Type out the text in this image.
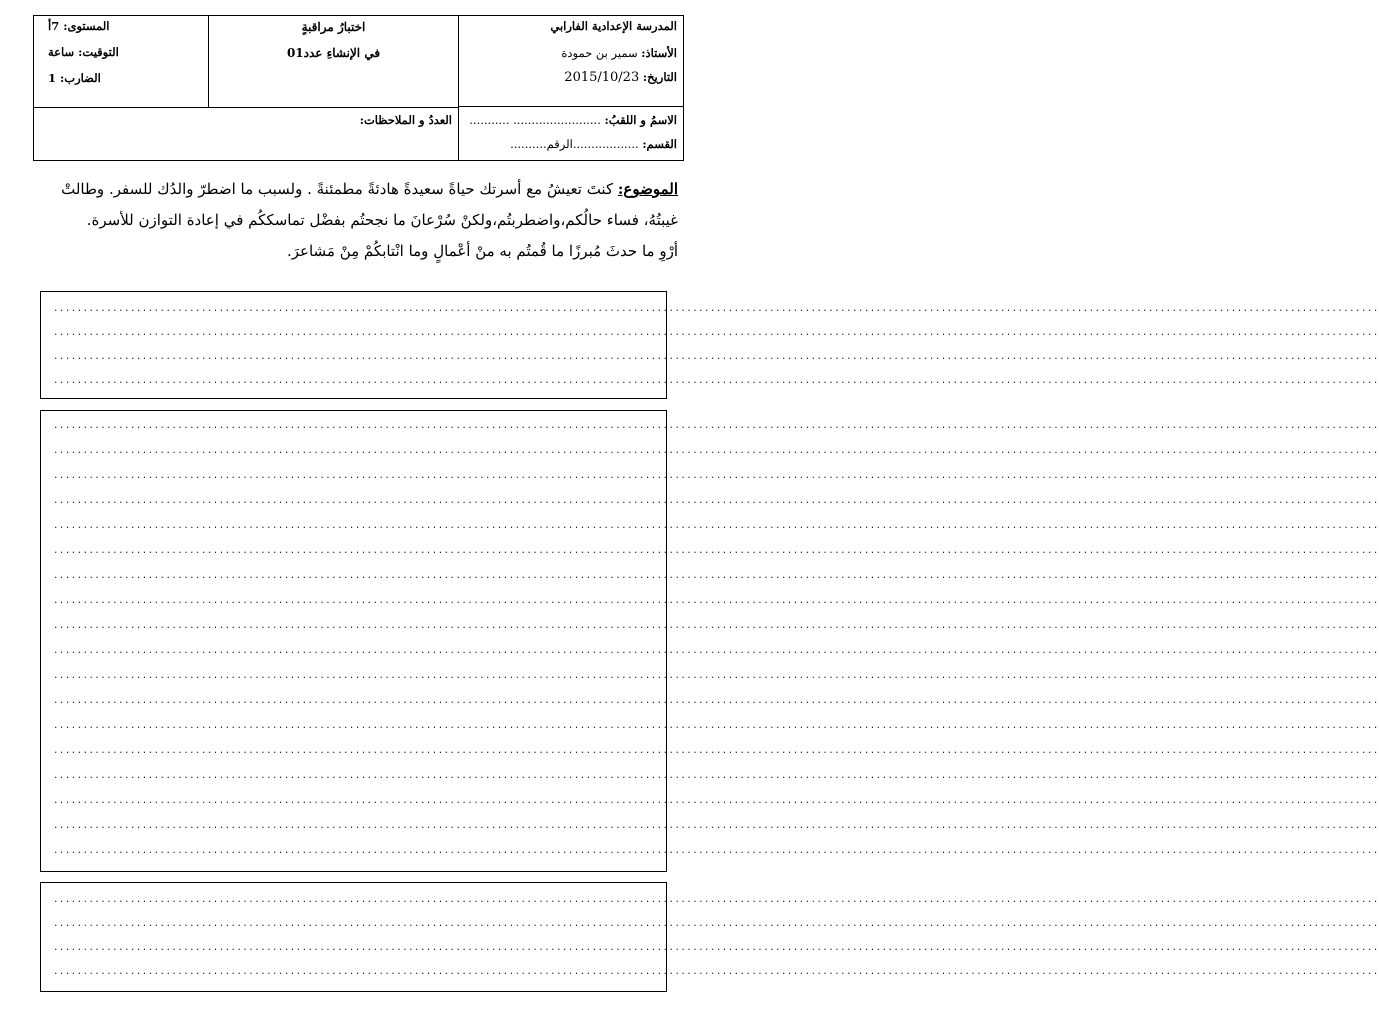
المدرسة الإعدادية الفارابي
الأستاذ: سمير بن حمودة
التاريخ: 2015/10/23
اختبارُ مراقبةٍ
في الإنشاءِ عدد01
المستوى: 7أ
التوقيت: ساعة
الضارب: 1
الاسمُ و اللقبُ: ........................ ...........
القسم: ..................الرقم..........
العددُ و الملاحظات:

الموضوع: كنتَ تعيشُ مع أسرتك حياةً سعيدةً هادئةً مطمئنةً . ولسبب ما اضطرّ والدُك للسفر. وطالتْ

غيبتُهُ، فساء حالُكم،واضطربتُم،ولكنْ سُرْعانَ ما نجحتُم بفضْل تماسككُم في إعادة التوازن للأسرة.

أرْوِ ما حدثَ مُبرزًا ما قُمتُم به منْ أعْمالٍ وما انْتابكُمْ مِنْ مَشاعرَ.

................................................................................................................................................................................................................................
................................................................................................................................................................................................................................
................................................................................................................................................................................................................................
................................................................................................................................................................................................................................
................................................................................................................................................................................................................................
................................................................................................................................................................................................................................
................................................................................................................................................................................................................................
................................................................................................................................................................................................................................
................................................................................................................................................................................................................................
................................................................................................................................................................................................................................
................................................................................................................................................................................................................................
................................................................................................................................................................................................................................
................................................................................................................................................................................................................................
................................................................................................................................................................................................................................
................................................................................................................................................................................................................................
................................................................................................................................................................................................................................
................................................................................................................................................................................................................................
................................................................................................................................................................................................................................
................................................................................................................................................................................................................................
................................................................................................................................................................................................................................
................................................................................................................................................................................................................................
................................................................................................................................................................................................................................
................................................................................................................................................................................................................................
................................................................................................................................................................................................................................
................................................................................................................................................................................................................................
................................................................................................................................................................................................................................
